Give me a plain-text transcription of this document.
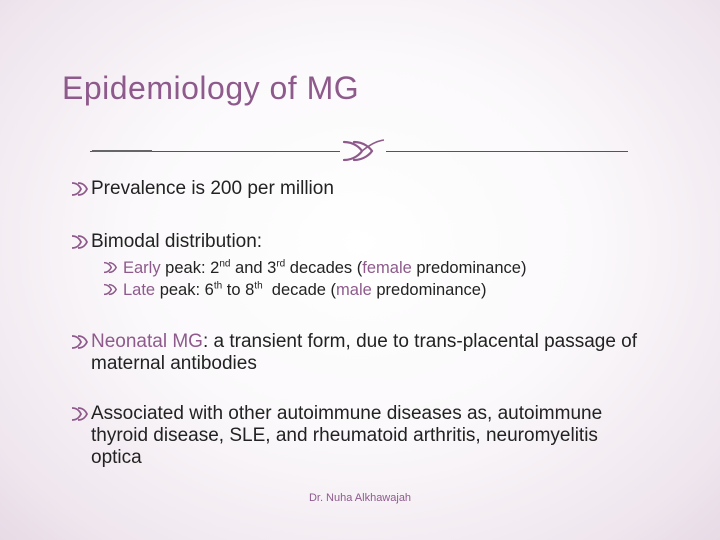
Epidemiology of MG
Prevalence is 200 per million
Bimodal distribution:
Early peak: 2nd and 3rd decades (female predominance)
Late peak: 6th to 8th  decade (male predominance)
Neonatal MG: a transient form, due to trans-placental passage of maternal antibodies
Associated with other autoimmune diseases as, autoimmune thyroid disease, SLE, and rheumatoid arthritis, neuromyelitis optica
Dr. Nuha Alkhawajah
